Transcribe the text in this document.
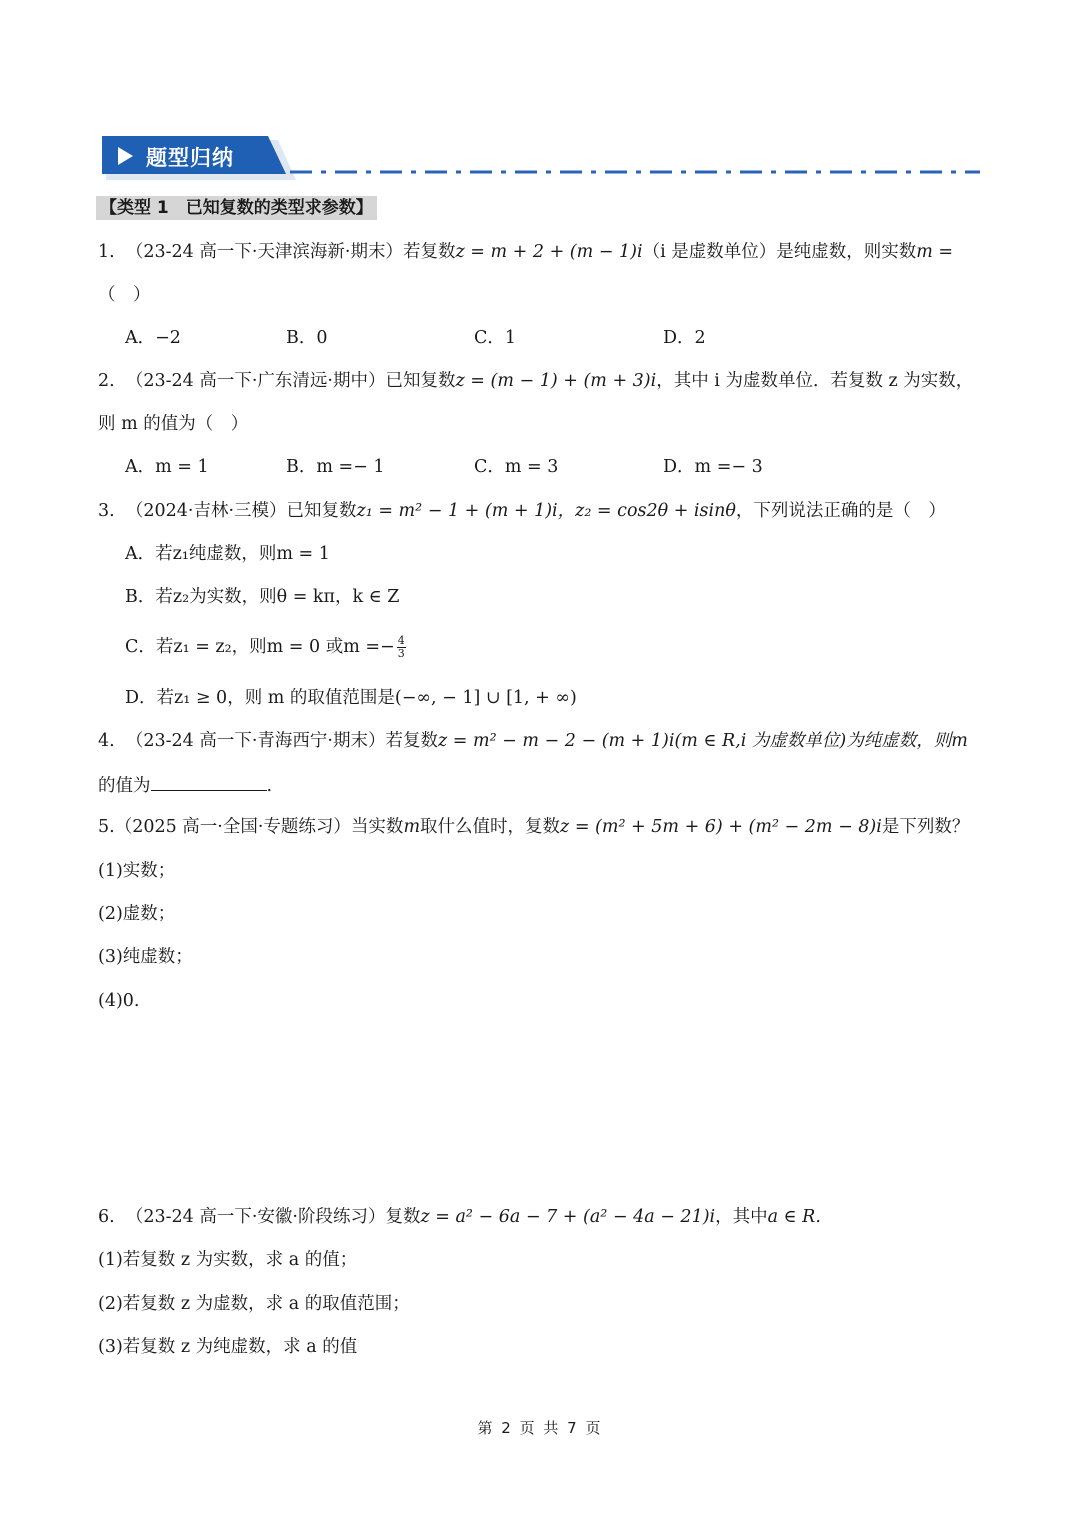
题型归纳
【类型 1　已知复数的类型求参数】
1. （23-24 高一下·天津滨海新·期末）若复数z = m + 2 + (m − 1)i（i 是虚数单位）是纯虚数，则实数m =
（　）
A．−2	B．0	C．1	D．2
2. （23-24 高一下·广东清远·期中）已知复数z = (m − 1) + (m + 3)i，其中 i 为虚数单位．若复数 z 为实数，
则 m 的值为（　）
A．m = 1	B．m =− 1	C．m = 3	D．m =− 3
3. （2024·吉林·三模）已知复数z₁ = m² − 1 + (m + 1)i，z₂ = cos2θ + isinθ，下列说法正确的是（　）
A．若z₁纯虚数，则m = 1
B．若z₂为实数，则θ = kπ，k ∈ Z
C．若z₁ = z₂，则m = 0 或$m =- \frac{4}{3}$
D．若z₁ ≥ 0，则 m 的取值范围是(−∞, − 1] ∪ [1, + ∞)
4. （23-24 高一下·青海西宁·期末）若复数z = m² − m − 2 − (m + 1)i(m ∈ R,i 为虚数单位)为纯虚数，则m
的值为	.
5.（2025 高一·全国·专题练习）当实数m取什么值时，复数z = (m² + 5m + 6) + (m² − 2m − 8)i是下列数？
(1)实数；
(2)虚数；
(3)纯虚数；
(4)0.
6. （23-24 高一下·安徽·阶段练习）复数z = a² − 6a − 7 + (a² − 4a − 21)i，其中a ∈ R.
(1)若复数 z 为实数，求 a 的值；
(2)若复数 z 为虚数，求 a 的取值范围；
(3)若复数 z 为纯虚数，求 a 的值
第 2 页 共 7 页
